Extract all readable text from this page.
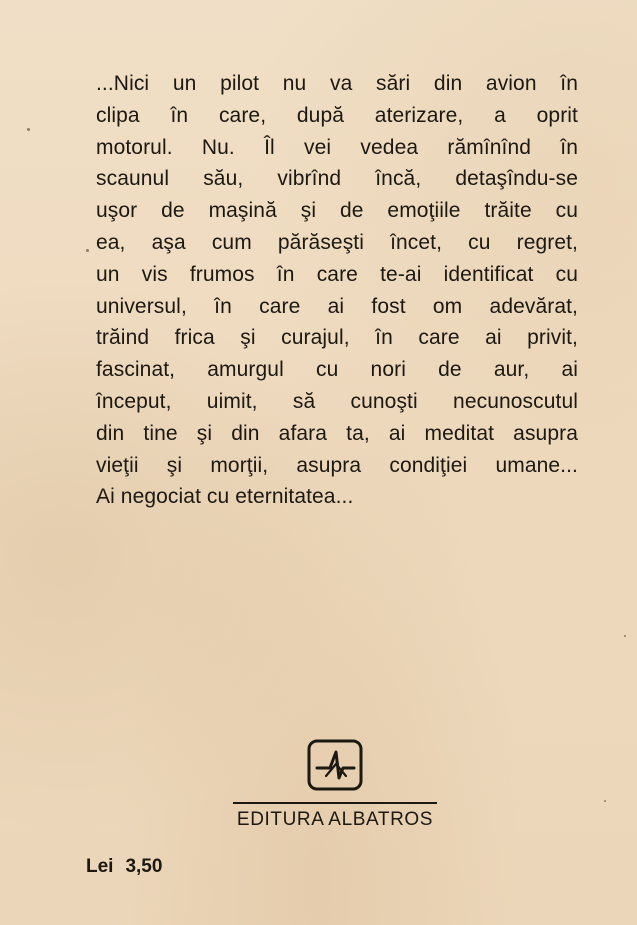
...Nici un pilot nu va sări din avion în
clipa în care, după aterizare, a oprit
motorul. Nu. Îl vei vedea rămînînd în
scaunul său, vibrînd încă, detaşîndu-se
uşor de maşină şi de emoţiile trăite cu
ea, aşa cum părăseşti încet, cu regret,
un vis frumos în care te-ai identificat cu
universul, în care ai fost om adevărat,
trăind frica şi curajul, în care ai privit,
fascinat, amurgul cu nori de aur, ai
început, uimit, să cunoşti necunoscutul
din tine şi din afara ta, ai meditat asupra
vieţii şi morţii, asupra condiţiei umane...
Ai negociat cu eternitatea...
EDITURA ALBATROS
Lei 3,50
